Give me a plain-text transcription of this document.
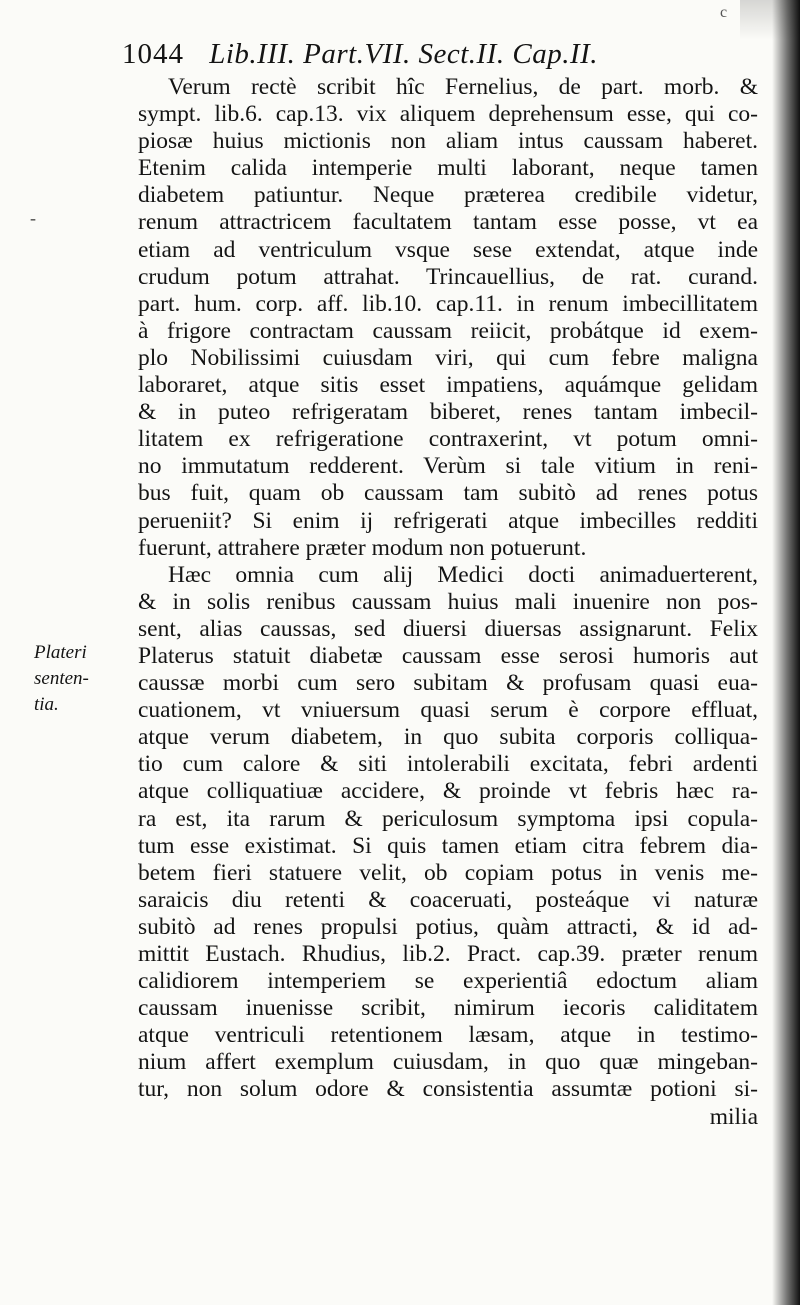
c
1044 Lib.III. Part.VII. Sect.II. Cap.II.
-
Plateri
senten-
tia.
Verum rectè scribit hîc Fernelius, de part. morb. &
sympt. lib.6. cap.13. vix aliquem deprehensum esse, qui co-
piosæ huius mictionis non aliam intus caussam haberet.
Etenim calida intemperie multi laborant, neque tamen
diabetem patiuntur. Neque præterea credibile videtur,
renum attractricem facultatem tantam esse posse, vt ea
etiam ad ventriculum vsque sese extendat, atque inde
crudum potum attrahat. Trincauellius, de rat. curand.
part. hum. corp. aff. lib.10. cap.11. in renum imbecillitatem
à frigore contractam caussam reiicit, probátque id exem-
plo Nobilissimi cuiusdam viri, qui cum febre maligna
laboraret, atque sitis esset impatiens, aquámque gelidam
& in puteo refrigeratam biberet, renes tantam imbecil-
litatem ex refrigeratione contraxerint, vt potum omni-
no immutatum redderent. Verùm si tale vitium in reni-
bus fuit, quam ob caussam tam subitò ad renes potus
perueniit? Si enim ij refrigerati atque imbecilles redditi
fuerunt, attrahere præter modum non potuerunt.
Hæc omnia cum alij Medici docti animaduerterent,
& in solis renibus caussam huius mali inuenire non pos-
sent, alias caussas, sed diuersi diuersas assignarunt. Felix
Platerus statuit diabetæ caussam esse serosi humoris aut
caussæ morbi cum sero subitam & profusam quasi eua-
cuationem, vt vniuersum quasi serum è corpore effluat,
atque verum diabetem, in quo subita corporis colliqua-
tio cum calore & siti intolerabili excitata, febri ardenti
atque colliquatiuæ accidere, & proinde vt febris hæc ra-
ra est, ita rarum & periculosum symptoma ipsi copula-
tum esse existimat. Si quis tamen etiam citra febrem dia-
betem fieri statuere velit, ob copiam potus in venis me-
saraicis diu retenti & coaceruati, posteáque vi naturæ
subitò ad renes propulsi potius, quàm attracti, & id ad-
mittit Eustach. Rhudius, lib.2. Pract. cap.39. præter renum
calidiorem intemperiem se experientiâ edoctum aliam
caussam inuenisse scribit, nimirum iecoris caliditatem
atque ventriculi retentionem læsam, atque in testimo-
nium affert exemplum cuiusdam, in quo quæ mingeban-
tur, non solum odore & consistentia assumtæ potioni si-
milia
